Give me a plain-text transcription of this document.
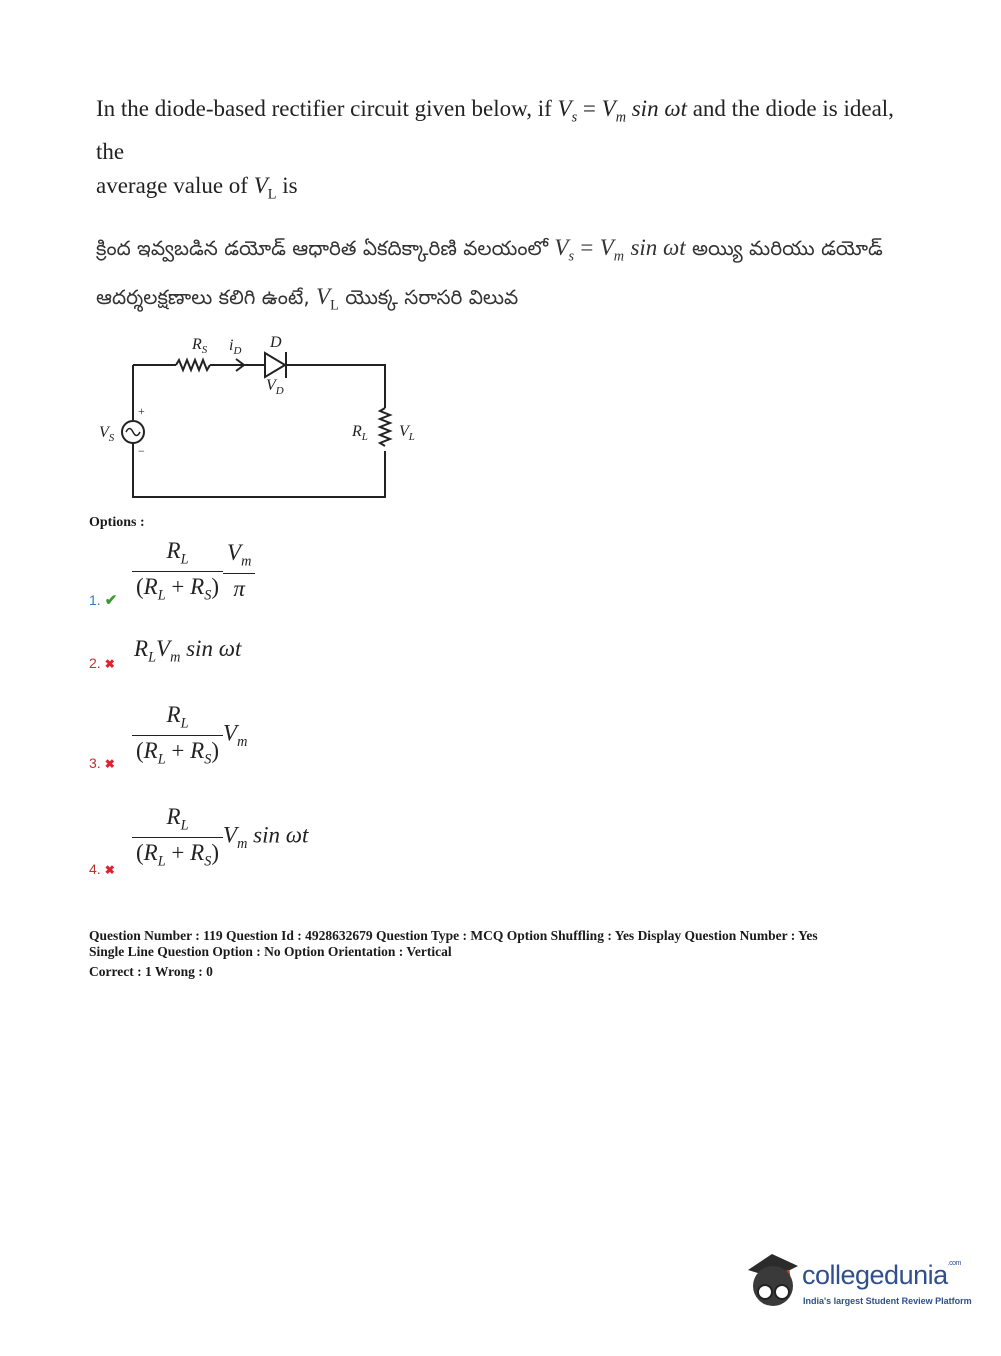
In the diode-based rectifier circuit given below, if $V_s = V_m$ sin ωt and the diode is ideal, the
average value of $V_L$ is
క్రింద ఇవ్వబడిన డయోడ్ ఆధారిత ఏకదిక్కారిణి వలయంలో $V_s = V_m$ sin ωt అయ్యి మరియు డయోడ్
ఆదర్శలక్షణాలు కలిగి ఉంటే, $V_L$ యొక్క సరాసరి విలువ
$R_S$ $i_D$ D
$V_D$
$V_S$
+
−
$R_L$ $V_L$
Options :
1. ✔ $\frac{R_L}{(R_L + R_S)} \frac{V_m}{\pi}$
2. ✖
$R_LV_m$ sin ωt
3. ✖ $\frac{R_L}{(R_L + R_S)} V_m$
4. ✖ $\frac{R_L}{(R_L + R_S)} V_m$ sin ωt
Question Number : 119 Question Id : 4928632679 Question Type : MCQ Option Shuffling : Yes Display Question Number : Yes
Single Line Question Option : No Option Orientation : Vertical
Correct : 1 Wrong : 0
collegedunia$^{.com}$
India's largest Student Review Platform
